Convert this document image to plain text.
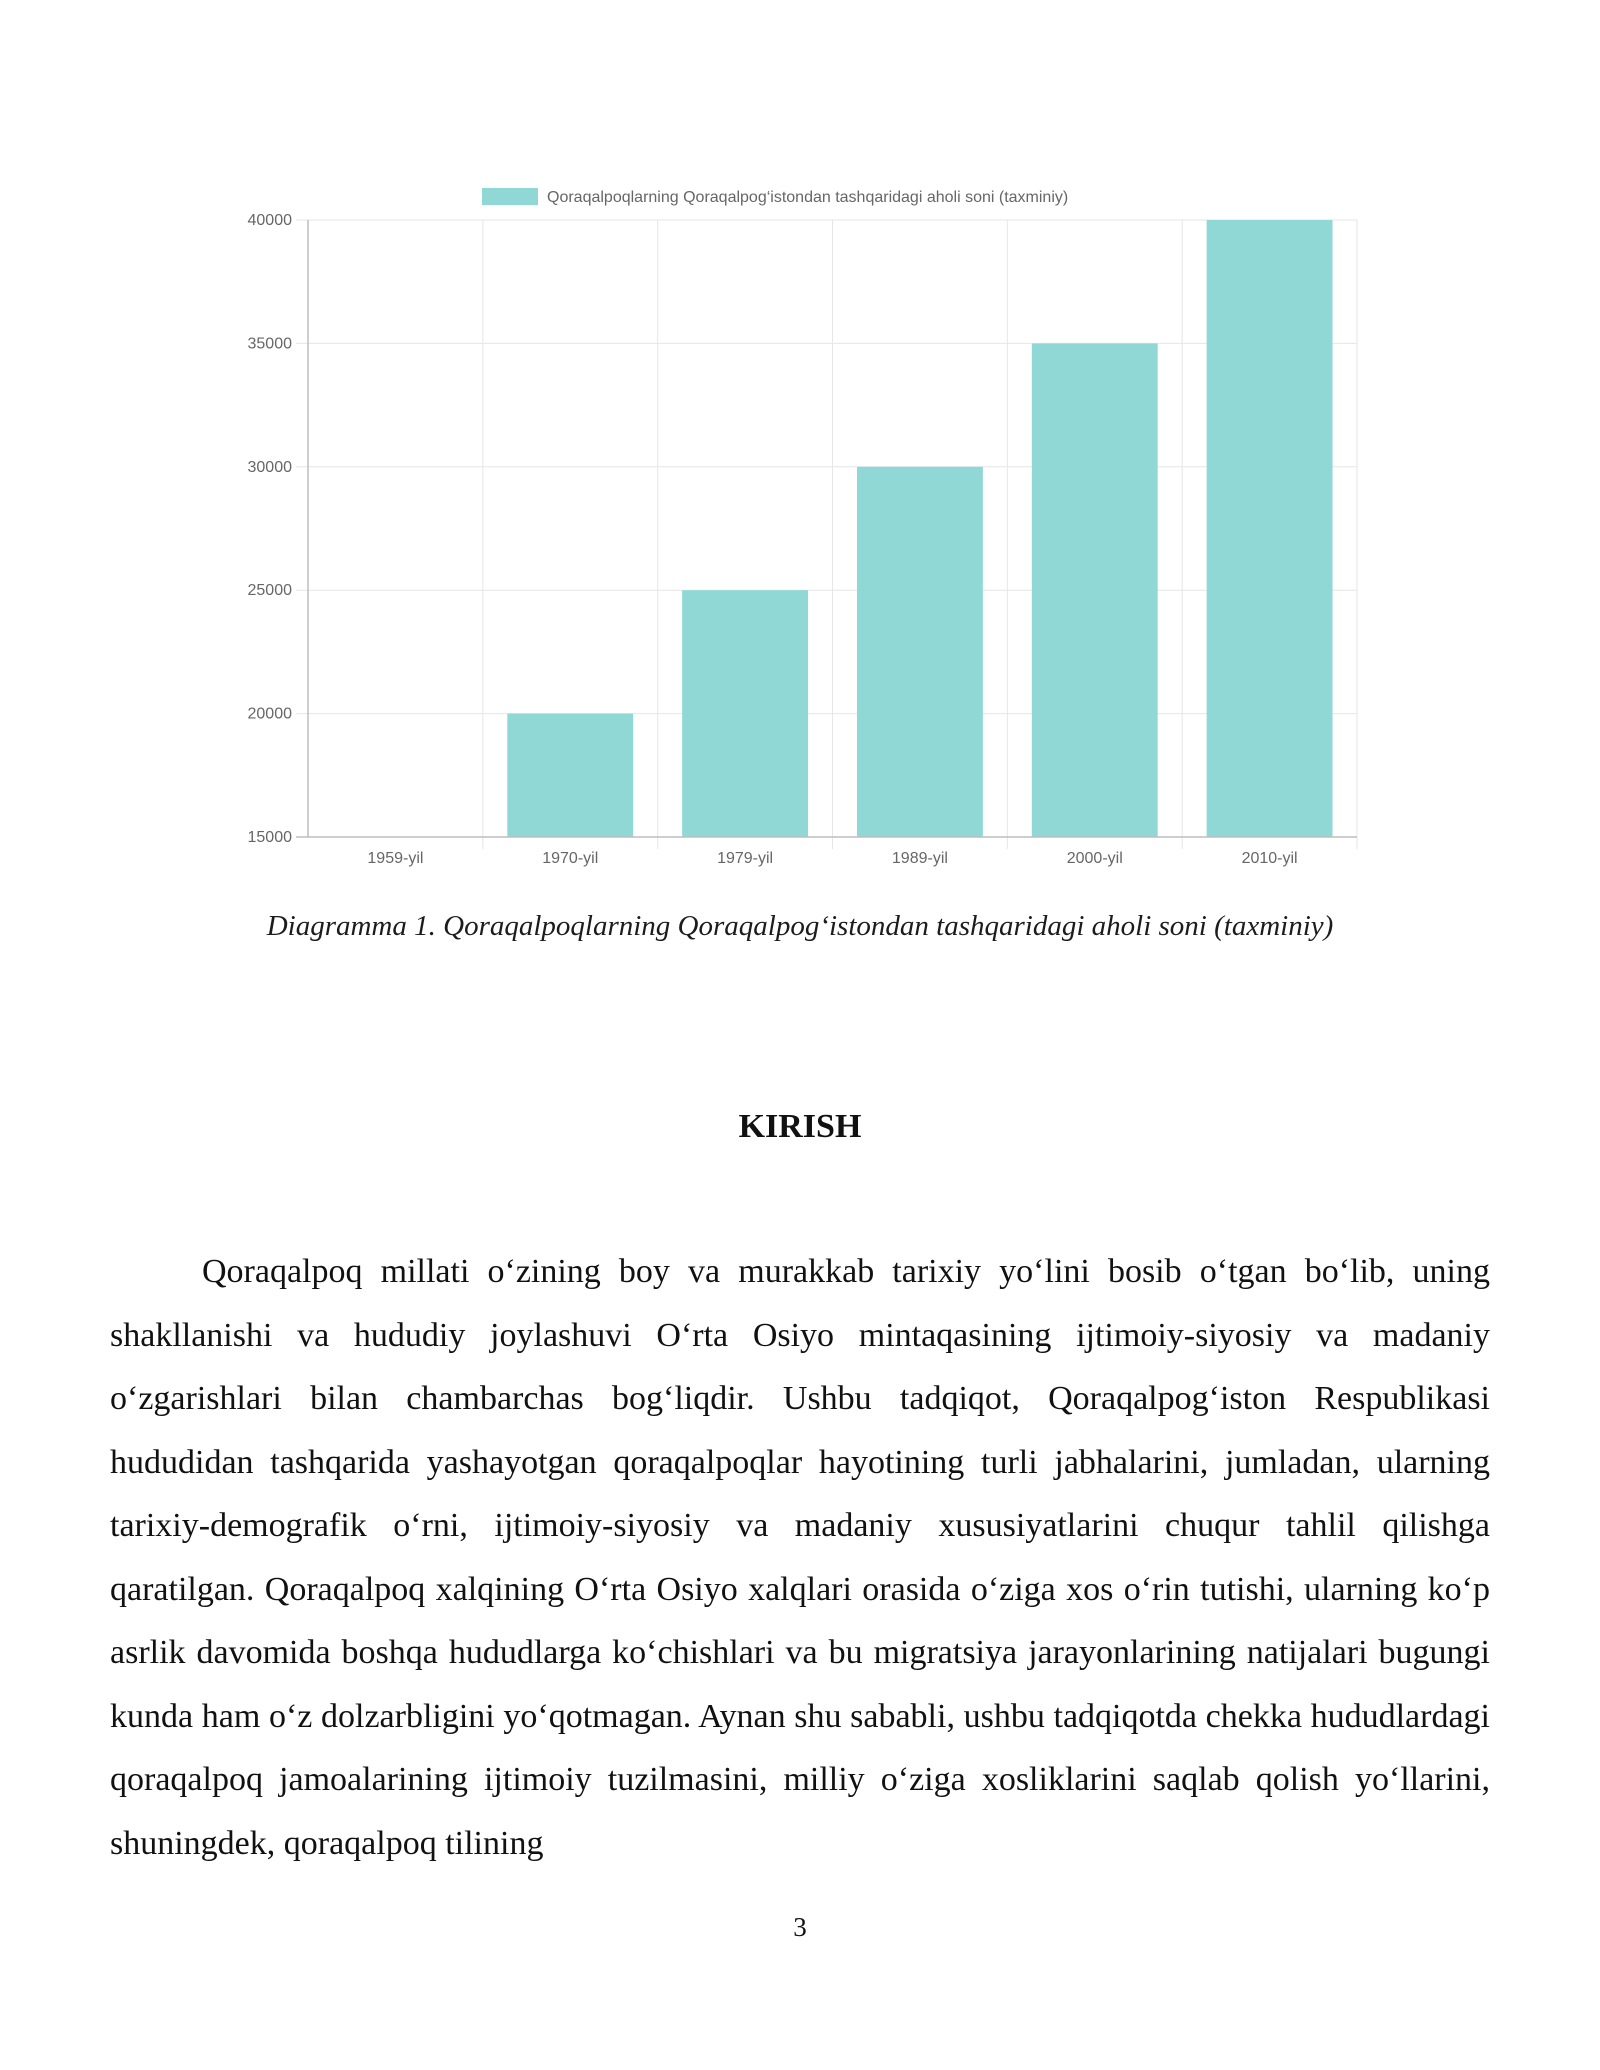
Qoraqalpoqlarning Qoraqalpog‘istondan tashqaridagi aholi soni (taxminiy)
15000
20000
25000
30000
35000
40000
1959-yil	1970-yil	1979-yil	1989-yil	2000-yil	2010-yil
Diagramma 1. Qoraqalpoqlarning Qoraqalpog‘istondan tashqaridagi aholi soni (taxminiy)
KIRISH

Qoraqalpoq millati o‘zining boy va murakkab tarixiy yo‘lini bosib o‘tgan bo‘lib, uning shakllanishi va hududiy joylashuvi O‘rta Osiyo mintaqasining ijtimoiy-siyosiy va madaniy o‘zgarishlari bilan chambarchas bog‘liqdir. Ushbu tadqiqot, Qoraqalpog‘iston Respublikasi hududidan tashqarida yashayotgan qoraqalpoqlar hayotining turli jabhalarini, jumladan, ularning tarixiy-demografik o‘rni, ijtimoiy-siyosiy va madaniy xususiyatlarini chuqur tahlil qilishga qaratilgan. Qoraqalpoq xalqining O‘rta Osiyo xalqlari orasida o‘ziga xos o‘rin tutishi, ularning ko‘p asrlik davomida boshqa hududlarga ko‘chishlari va bu migratsiya jarayonlarining natijalari bugungi kunda ham o‘z dolzarbligini yo‘qotmagan. Aynan shu sababli, ushbu tadqiqotda chekka hududlardagi qoraqalpoq jamoalarining ijtimoiy tuzilmasini, milliy o‘ziga xosliklarini saqlab qolish yo‘llarini, shuningdek, qoraqalpoq tilining

3
